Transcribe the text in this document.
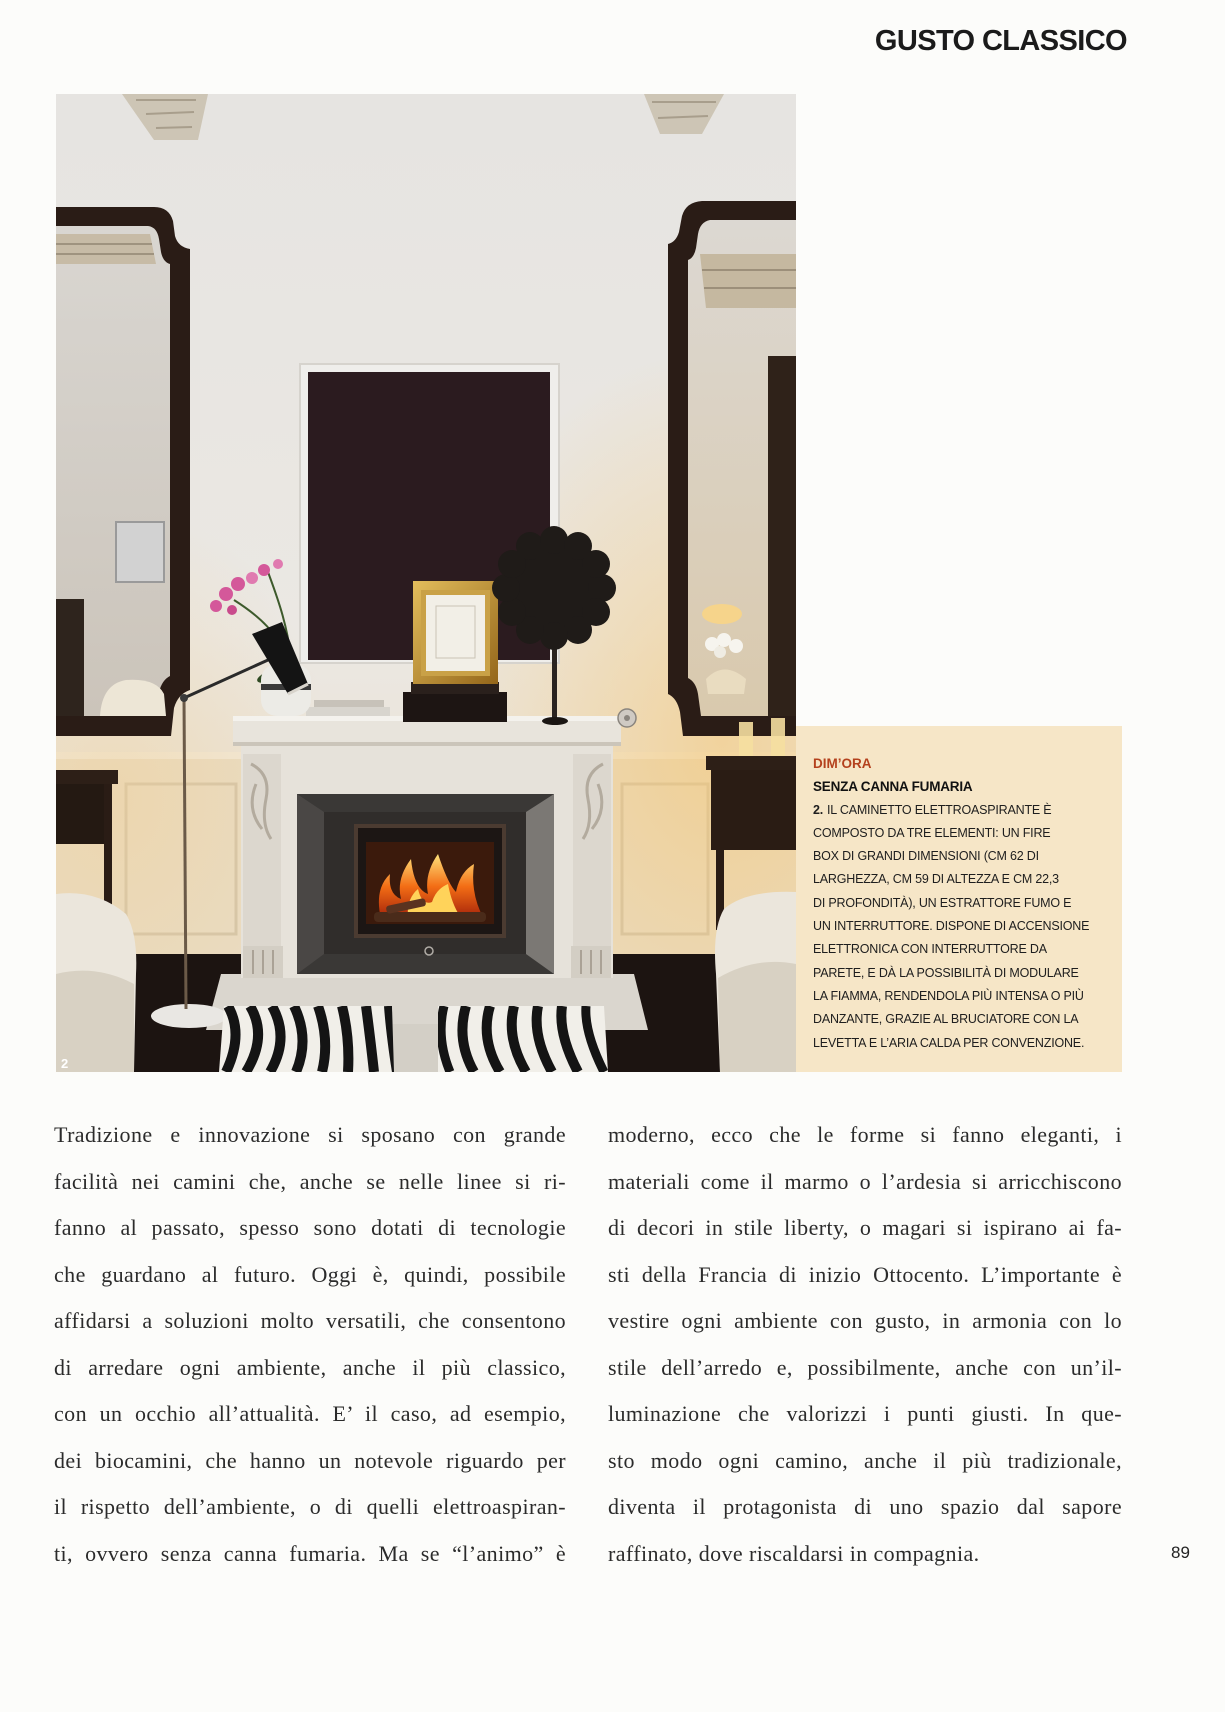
GUSTO CLASSICO
2
DIM’ORA
SENZA CANNA FUMARIA
2. IL CAMINETTO ELETTROASPIRANTE È
COMPOSTO DA TRE ELEMENTI: UN FIRE
BOX DI GRANDI DIMENSIONI (CM 62 DI
LARGHEZZA, CM 59 DI ALTEZZA E CM 22,3
DI PROFONDITÀ), UN ESTRATTORE FUMO E
UN INTERRUTTORE. DISPONE DI ACCENSIONE
ELETTRONICA CON INTERRUTTORE DA
PARETE, E DÀ LA POSSIBILITÀ DI MODULARE
LA FIAMMA, RENDENDOLA PIÙ INTENSA O PIÙ
DANZANTE, GRAZIE AL BRUCIATORE CON LA
LEVETTA E L’ARIA CALDA PER CONVENZIONE.
Tradizione e innovazione si sposano con grande
facilità nei camini che, anche se nelle linee si ri-
fanno al passato, spesso sono dotati di tecnologie
che guardano al futuro. Oggi è, quindi, possibile
affidarsi a soluzioni molto versatili, che consentono
di arredare ogni ambiente, anche il più classico,
con un occhio all’attualità. E’ il caso, ad esempio,
dei biocamini, che hanno un notevole riguardo per
il rispetto dell’ambiente, o di quelli elettroaspiran-
ti, ovvero senza canna fumaria. Ma se “l’animo” è
moderno, ecco che le forme si fanno eleganti, i
materiali come il marmo o l’ardesia si arricchiscono
di decori in stile liberty, o magari si ispirano ai fa-
sti della Francia di inizio Ottocento. L’importante è
vestire ogni ambiente con gusto, in armonia con lo
stile dell’arredo e, possibilmente, anche con un’il-
luminazione che valorizzi i punti giusti. In que-
sto modo ogni camino, anche il più tradizionale,
diventa il protagonista di uno spazio dal sapore
raffinato, dove riscaldarsi in compagnia.	89
